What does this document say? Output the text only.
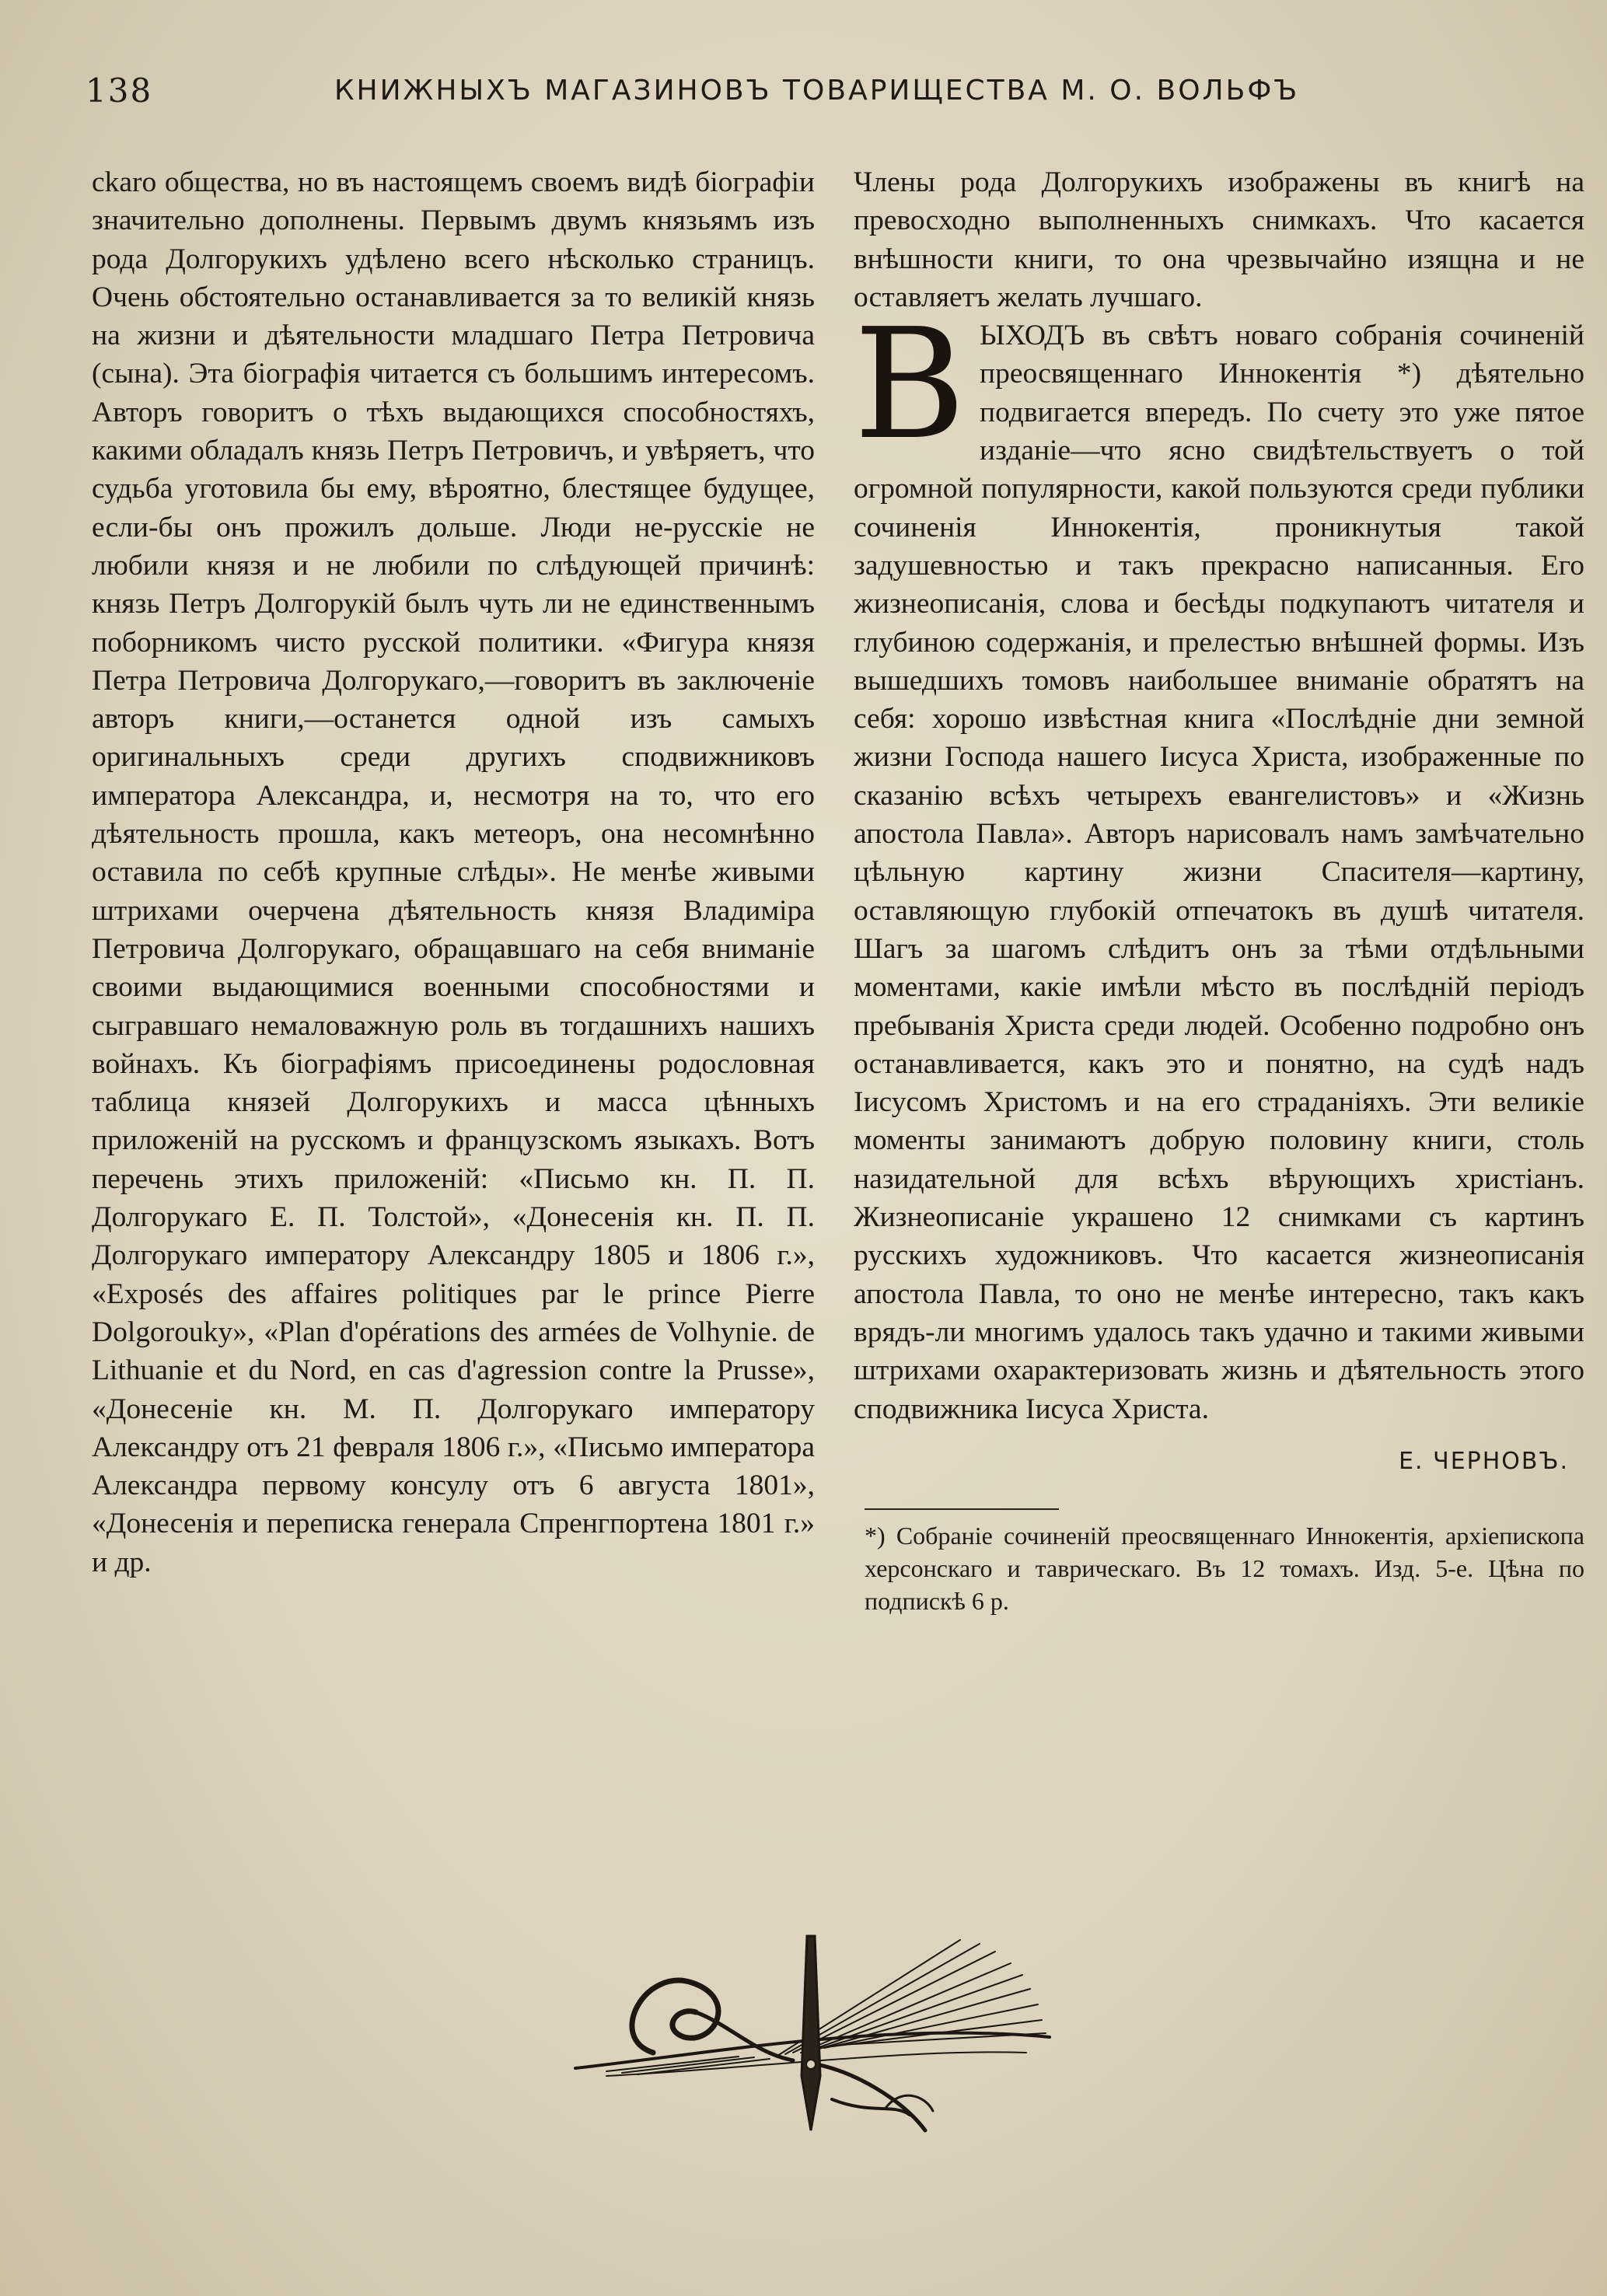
138	КНИЖНЫХЪ МАГАЗИНОВЪ ТОВАРИЩЕСТВА М. О. ВОЛЬФЪ

ckaro общества, но въ настоящемъ своемъ видѣ біографіи значительно дополнены. Первымъ двумъ князьямъ изъ рода Долгорукихъ удѣлено всего нѣсколько страницъ. Очень обстоятельно останавливается за то великій князь на жизни и дѣятельности младшаго Петра Петровича (сына). Эта біографія читается съ большимъ интересомъ. Авторъ говоритъ о тѣхъ выдающихся способностяхъ, какими обладалъ князь Петръ Петровичъ, и увѣряетъ, что судьба уготовила бы ему, вѣроятно, блестящее будущее, если-бы онъ прожилъ дольше. Люди не-русскіе не любили князя и не любили по слѣдующей причинѣ: князь Петръ Долгорукій былъ чуть ли не единственнымъ поборникомъ чисто русской политики. «Фигура князя Петра Петровича Долгорукаго,—говоритъ въ заключеніе авторъ книги,—останется одной изъ самыхъ оригинальныхъ среди другихъ сподвижниковъ императора Александра, и, несмотря на то, что его дѣятельность прошла, какъ метеоръ, она несомнѣнно оставила по себѣ крупные слѣды». Не менѣе живыми штрихами очерчена дѣятельность князя Владиміра Петровича Долгорукаго, обращавшаго на себя вниманіе своими выдающимися военными способностями и сыгравшаго немаловажную роль въ тогдашнихъ нашихъ войнахъ. Къ біографіямъ присоединены родословная таблица князей Долгорукихъ и масса цѣнныхъ приложеній на русскомъ и французскомъ языкахъ. Вотъ перечень этихъ приложеній: «Письмо кн. П. П. Долгорукаго Е. П. Толстой», «Донесенія кн. П. П. Долгорукаго императору Александру 1805 и 1806 г.», «Exposés des affaires politiques par le prince Pierre Dolgorouky», «Plan d'opérations des armées de Volhynie. de Lithuanie et du Nord, en cas d'agression contre la Prusse», «Донесеніе кн. М. П. Долгорукаго императору Александру отъ 21 февраля 1806 г.», «Письмо императора Александра первому консулу отъ 6 августа 1801», «Донесенія и переписка генерала Спренгпортена 1801 г.» и др.

Члены рода Долгорукихъ изображены въ книгѣ на превосходно выполненныхъ снимкахъ. Что касается внѣшности книги, то она чрезвычайно изящна и не оставляетъ желать лучшаго.

ВЫХОДЪ въ свѣтъ новаго собранія сочиненій преосвященнаго Иннокентія *) дѣятельно подвигается впередъ. По счету это уже пятое изданіе—что ясно свидѣтельствуетъ о той огромной популярности, какой пользуются среди публики сочиненія Иннокентія, проникнутыя такой задушевностью и такъ прекрасно написанныя. Его жизнеописанія, слова и бесѣды подкупаютъ читателя и глубиною содержанія, и прелестью внѣшней формы. Изъ вышедшихъ томовъ наибольшее вниманіе обратятъ на себя: хорошо извѣстная книга «Послѣдніе дни земной жизни Господа нашего Іисуса Христа, изображенные по сказанію всѣхъ четырехъ евангелистовъ» и «Жизнь апостола Павла». Авторъ нарисовалъ намъ замѣчательно цѣльную картину жизни Спасителя—картину, оставляющую глубокій отпечатокъ въ душѣ читателя. Шагъ за шагомъ слѣдитъ онъ за тѣми отдѣльными моментами, какіе имѣли мѣсто въ послѣдній періодъ пребыванія Христа среди людей. Особенно подробно онъ останавливается, какъ это и понятно, на судѣ надъ Іисусомъ Христомъ и на его страданіяхъ. Эти великіе моменты занимаютъ добрую половину книги, столь назидательной для всѣхъ вѣрующихъ христіанъ. Жизнеописаніе украшено 12 снимками съ картинъ русскихъ художниковъ. Что касается жизнеописанія апостола Павла, то оно не менѣе интересно, такъ какъ врядъ-ли многимъ удалось такъ удачно и такими живыми штрихами охарактеризовать жизнь и дѣятельность этого сподвижника Іисуса Христа.

Е. ЧЕРНОВЪ.

*) Собраніе сочиненій преосвященнаго Иннокентія, архіепископа херсонскаго и таврическаго. Въ 12 томахъ. Изд. 5-е. Цѣна по подпискѣ 6 р.
